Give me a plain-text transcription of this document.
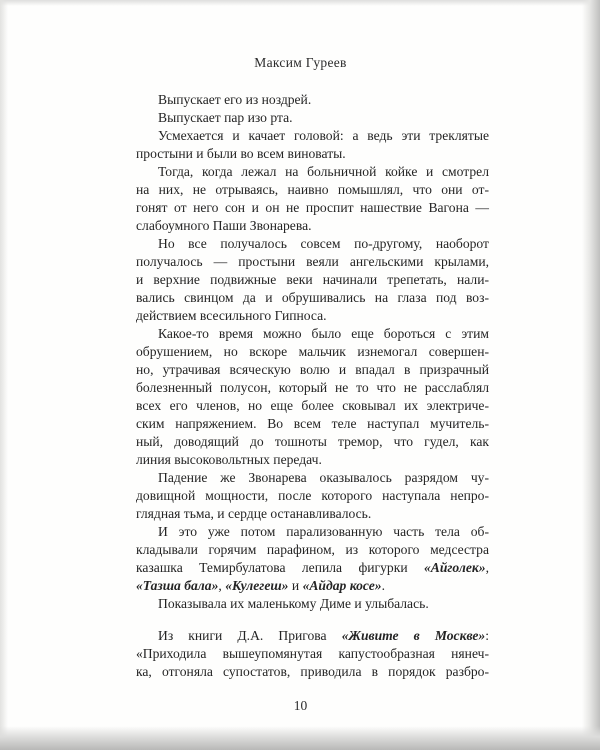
Максим Гуреев
Выпускает его из ноздрей.
Выпускает пар изо рта.
Усмехается и качает головой: а ведь эти треклятые
простыни и были во всем виноваты.
Тогда, когда лежал на больничной койке и смотрел
на них, не отрываясь, наивно помышлял, что они от-
гонят от него сон и он не проспит нашествие Вагона —
слабоумного Паши Звонарева.
Но все получалось совсем по-другому, наоборот
получалось — простыни веяли ангельскими крылами,
и верхние подвижные веки начинали трепетать, нали-
вались свинцом да и обрушивались на глаза под воз-
действием всесильного Гипноса.
Какое-то время можно было еще бороться с этим
обрушением, но вскоре мальчик изнемогал совершен-
но, утрачивая всяческую волю и впадал в призрачный
болезненный полусон, который не то что не расслаблял
всех его членов, но еще более сковывал их электриче-
ским напряжением. Во всем теле наступал мучитель-
ный, доводящий до тошноты тремор, что гудел, как
линия высоковольтных передач.
Падение же Звонарева оказывалось разрядом чу-
довищной мощности, после которого наступала непро-
глядная тьма, и сердце останавливалось.
И это уже потом парализованную часть тела об-
кладывали горячим парафином, из которого медсестра
казашка Темирбулатова лепила фигурки «Айголек»,
«Тазша бала», «Кулегеш» и «Айдар косе».
Показывала их маленькому Диме и улыбалась.
Из книги Д.А. Пригова «Живите в Москве»:
«Приходила вышеупомянутая капустообразная нянеч-
ка, отгоняла супостатов, приводила в порядок разбро-
10
